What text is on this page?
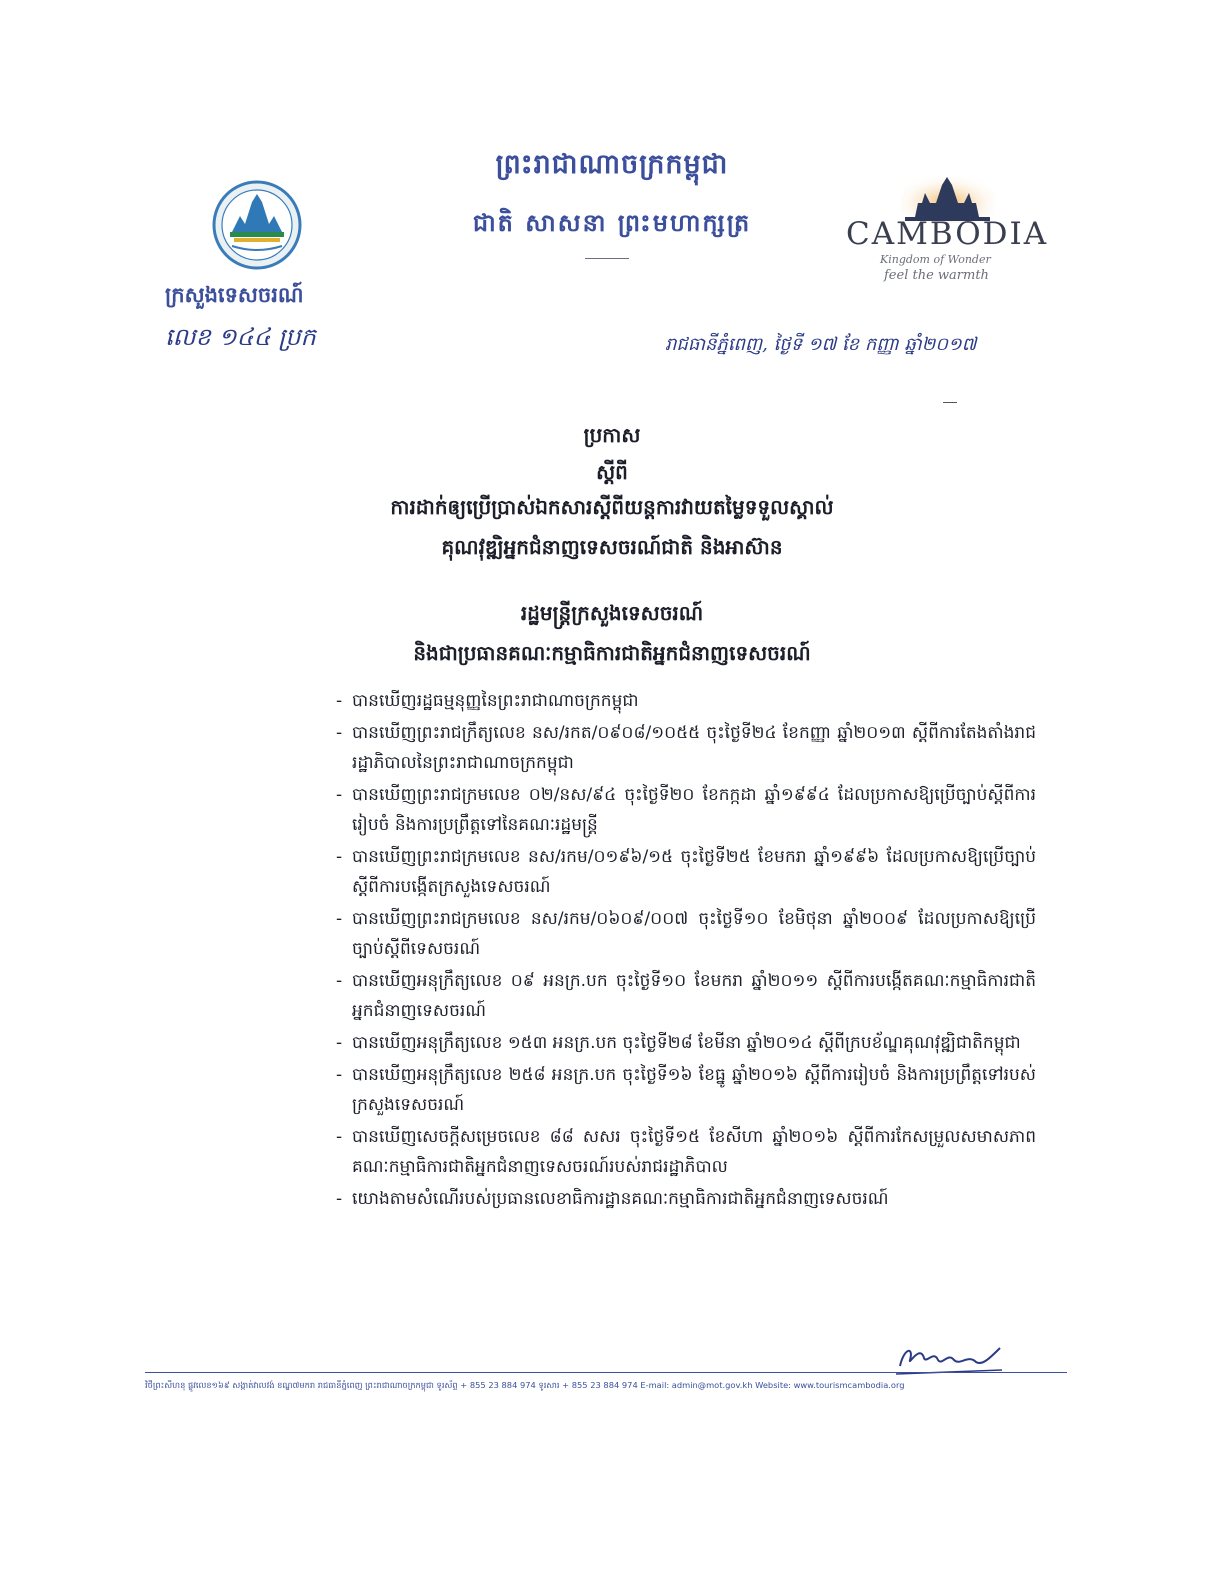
ក្រសួងទេសចរណ៍
លេខ ១៤៤ ប្រក
ព្រះរាជាណាចក្រកម្ពុជា
ជាតិ សាសនា ព្រះមហាក្សត្រ	CAMBODIA
Kingdom of Wonder
feel the warmth
រាជធានីភ្នំពេញ, ថ្ងៃទី ១៧ ខែ កញ្ញា ឆ្នាំ២០១៧
ប្រកាស
ស្តីពី
ការដាក់ឲ្យប្រើប្រាស់ឯកសារស្តីពីយន្តការវាយតម្លៃទទួលស្គាល់
គុណវុឌ្ឍិអ្នកជំនាញទេសចរណ៍ជាតិ និងអាស៊ាន
រដ្ឋមន្ត្រីក្រសួងទេសចរណ៍
និងជាប្រធានគណៈកម្មាធិការជាតិអ្នកជំនាញទេសចរណ៍
- បានឃើញរដ្ឋធម្មនុញ្ញនៃព្រះរាជាណាចក្រកម្ពុជា
- បានឃើញព្រះរាជក្រឹត្យលេខ នស/រកត/០៩០៨/១០៥៥ ចុះថ្ងៃទី២៤ ខែកញ្ញា ឆ្នាំ២០១៣ ស្តីពីការតែងតាំងរាជរដ្ឋាភិបាលនៃព្រះរាជាណាចក្រកម្ពុជា
- បានឃើញព្រះរាជក្រមលេខ ០២/នស/៩៤ ចុះថ្ងៃទី២០ ខែកក្កដា ឆ្នាំ១៩៩៤ ដែលប្រកាសឱ្យប្រើច្បាប់ស្តីពីការរៀបចំ និងការប្រព្រឹត្តទៅនៃគណៈរដ្ឋមន្ត្រី
- បានឃើញព្រះរាជក្រមលេខ នស/រកម/០១៩៦/១៥ ចុះថ្ងៃទី២៥ ខែមករា ឆ្នាំ១៩៩៦ ដែលប្រកាសឱ្យប្រើច្បាប់ស្តីពីការបង្កើតក្រសួងទេសចរណ៍
- បានឃើញព្រះរាជក្រមលេខ នស/រកម/០៦០៩/០០៧ ចុះថ្ងៃទី១០ ខែមិថុនា ឆ្នាំ២០០៩ ដែលប្រកាសឱ្យប្រើច្បាប់ស្តីពីទេសចរណ៍
- បានឃើញអនុក្រឹត្យលេខ ០៩ អនក្រ.បក ចុះថ្ងៃទី១០ ខែមករា ឆ្នាំ២០១១ ស្តីពីការបង្កើតគណៈកម្មាធិការជាតិអ្នកជំនាញទេសចរណ៍
- បានឃើញអនុក្រឹត្យលេខ ១៥៣ អនក្រ.បក ចុះថ្ងៃទី២៨ ខែមីនា ឆ្នាំ២០១៤ ស្តីពីក្របខ័ណ្ឌគុណវុឌ្ឍិជាតិកម្ពុជា
- បានឃើញអនុក្រឹត្យលេខ ២៥៨ អនក្រ.បក ចុះថ្ងៃទី១៦ ខែធ្នូ ឆ្នាំ២០១៦ ស្តីពីការរៀបចំ និងការប្រព្រឹត្តទៅរបស់ក្រសួងទេសចរណ៍
- បានឃើញសេចក្តីសម្រេចលេខ ៨៨ សសរ ចុះថ្ងៃទី១៥ ខែសីហា ឆ្នាំ២០១៦ ស្តីពីការកែសម្រួលសមាសភាពគណៈកម្មាធិការជាតិអ្នកជំនាញទេសចរណ៍របស់រាជរដ្ឋាភិបាល
- យោងតាមសំណើរបស់ប្រធានលេខាធិការដ្ឋានគណៈកម្មាធិការជាតិអ្នកជំនាញទេសចរណ៍
វិថីព្រះសីហនុ ផ្លូវលេខ១៦៩ សង្កាត់វាលវង់ ខណ្ឌ៧មករា រាជធានីភ្នំពេញ ព្រះរាជាណាចក្រកម្ពុជា ទូរស័ព្ទ + 855 23 884 974 ទូរសារ + 855 23 884 974 E-mail: admin@mot.gov.kh Website: www.tourismcambodia.org
